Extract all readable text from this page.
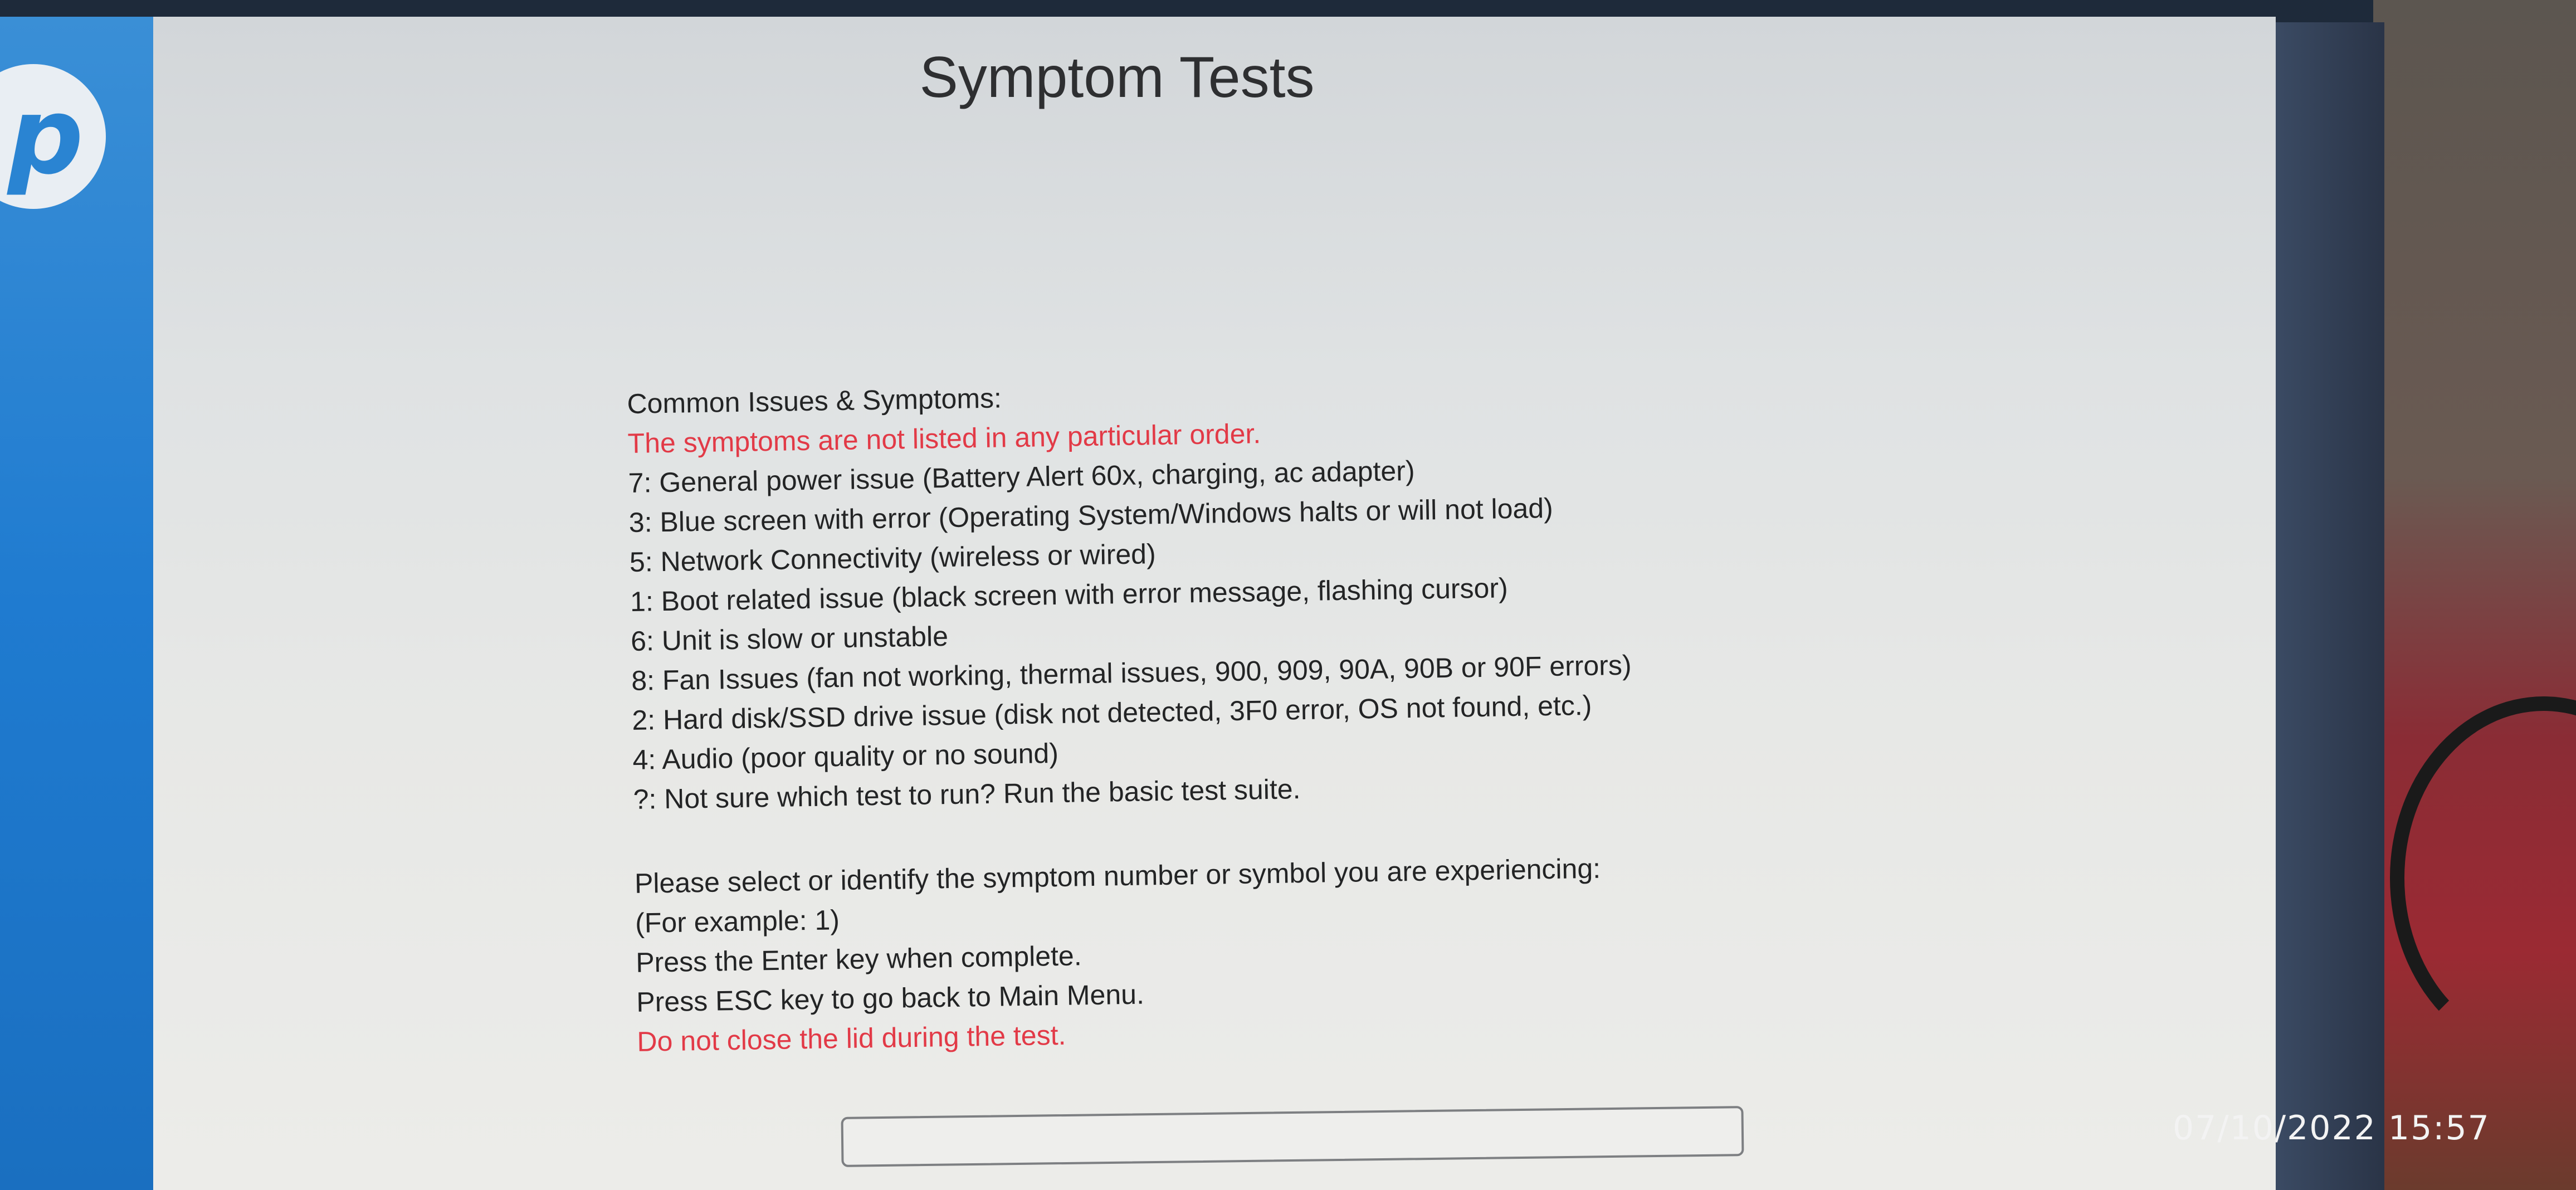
p	Symptom Tests
Common Issues & Symptoms:
The symptoms are not listed in any particular order.
7: General power issue (Battery Alert 60x, charging, ac adapter)
3: Blue screen with error (Operating System/Windows halts or will not load)
5: Network Connectivity (wireless or wired)
1: Boot related issue (black screen with error message, flashing cursor)
6: Unit is slow or unstable
8: Fan Issues (fan not working, thermal issues, 900, 909, 90A, 90B or 90F errors)
2: Hard disk/SSD drive issue (disk not detected, 3F0 error, OS not found, etc.)
4: Audio (poor quality or no sound)
?: Not sure which test to run? Run the basic test suite.
Please select or identify the symptom number or symbol you are experiencing:
(For example: 1)
Press the Enter key when complete.
Press ESC key to go back to Main Menu.
Do not close the lid during the test.
07/10/2022 15:57
